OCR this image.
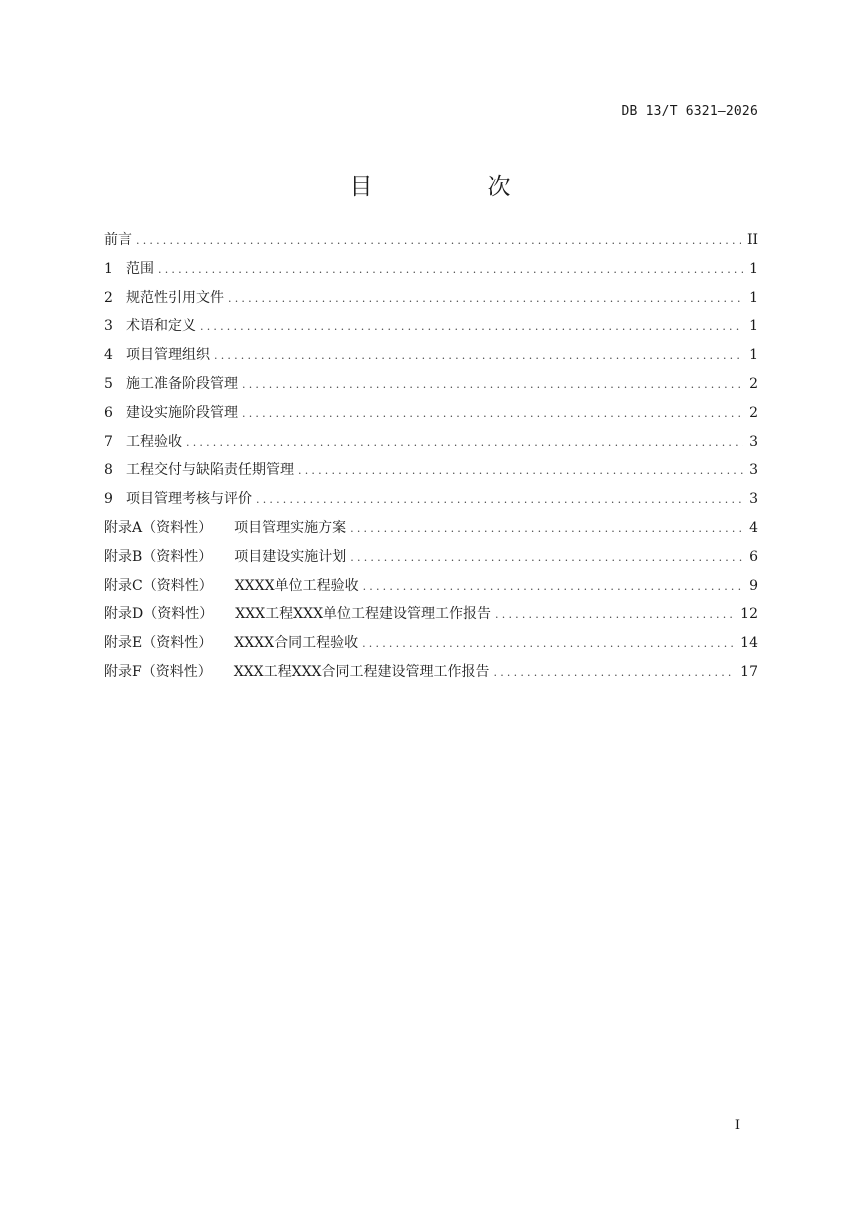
DB 13/T 6321—2026
目　次
前言 .....	II
1 范围 .....	1
2 规范性引用文件 .....	1
3 术语和定义 .....	1
4 项目管理组织 .....	1
5 施工准备阶段管理 .....	2
6 建设实施阶段管理 .....	2
7 工程验收 .....	3
8 工程交付与缺陷责任期管理 .....	3
9 项目管理考核与评价 .....	3
附录A（资料性） 项目管理实施方案 .....	4
附录B（资料性） 项目建设实施计划 .....	6
附录C（资料性） XXXX单位工程验收 .....	9
附录D（资料性） XXX工程XXX单位工程建设管理工作报告 .....	12
附录E（资料性） XXXX合同工程验收 .....	14
附录F（资料性） XXX工程XXX合同工程建设管理工作报告 .....	17
I
